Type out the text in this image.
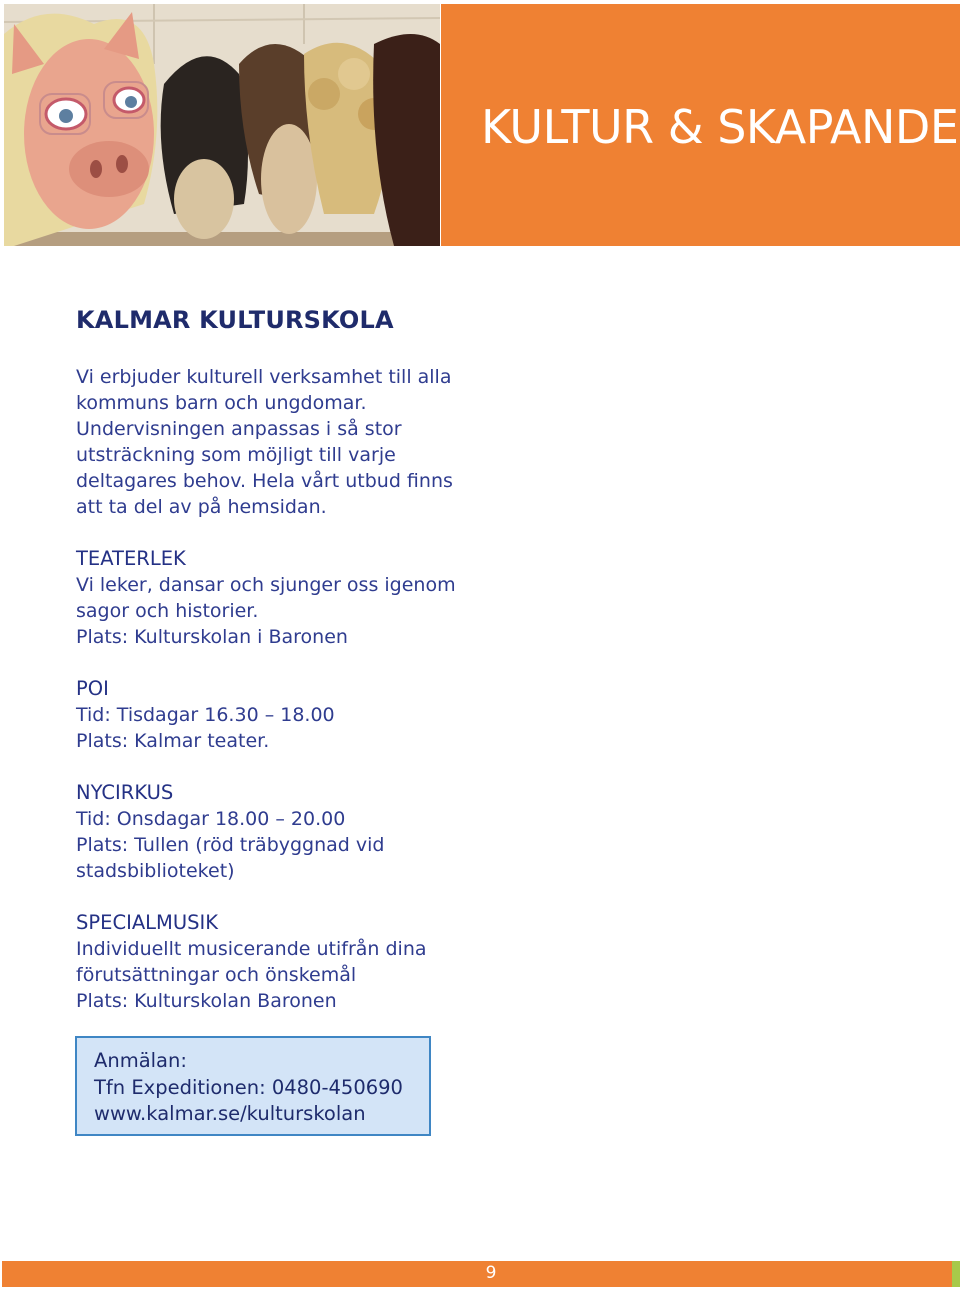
KULTUR & SKAPANDE
KALMAR KULTURSKOLA

Vi erbjuder kulturell verksamhet till alla
kommuns barn och ungdomar.
Undervisningen anpassas i så stor
utsträckning som möjligt till varje
deltagares behov. Hela vårt utbud finns
att ta del av på hemsidan.

TEATERLEK
Vi leker, dansar och sjunger oss igenom
sagor och historier.
Plats: Kulturskolan i Baronen
POI
Tid: Tisdagar 16.30 – 18.00
Plats: Kalmar teater.
NYCIRKUS
Tid: Onsdagar 18.00 – 20.00
Plats: Tullen (röd träbyggnad vid
stadsbiblioteket)
SPECIALMUSIK
Individuellt musicerande utifrån dina
förutsättningar och önskemål
Plats: Kulturskolan Baronen
Anmälan:
Tfn Expeditionen: 0480-450690
www.kalmar.se/kulturskolan
9
